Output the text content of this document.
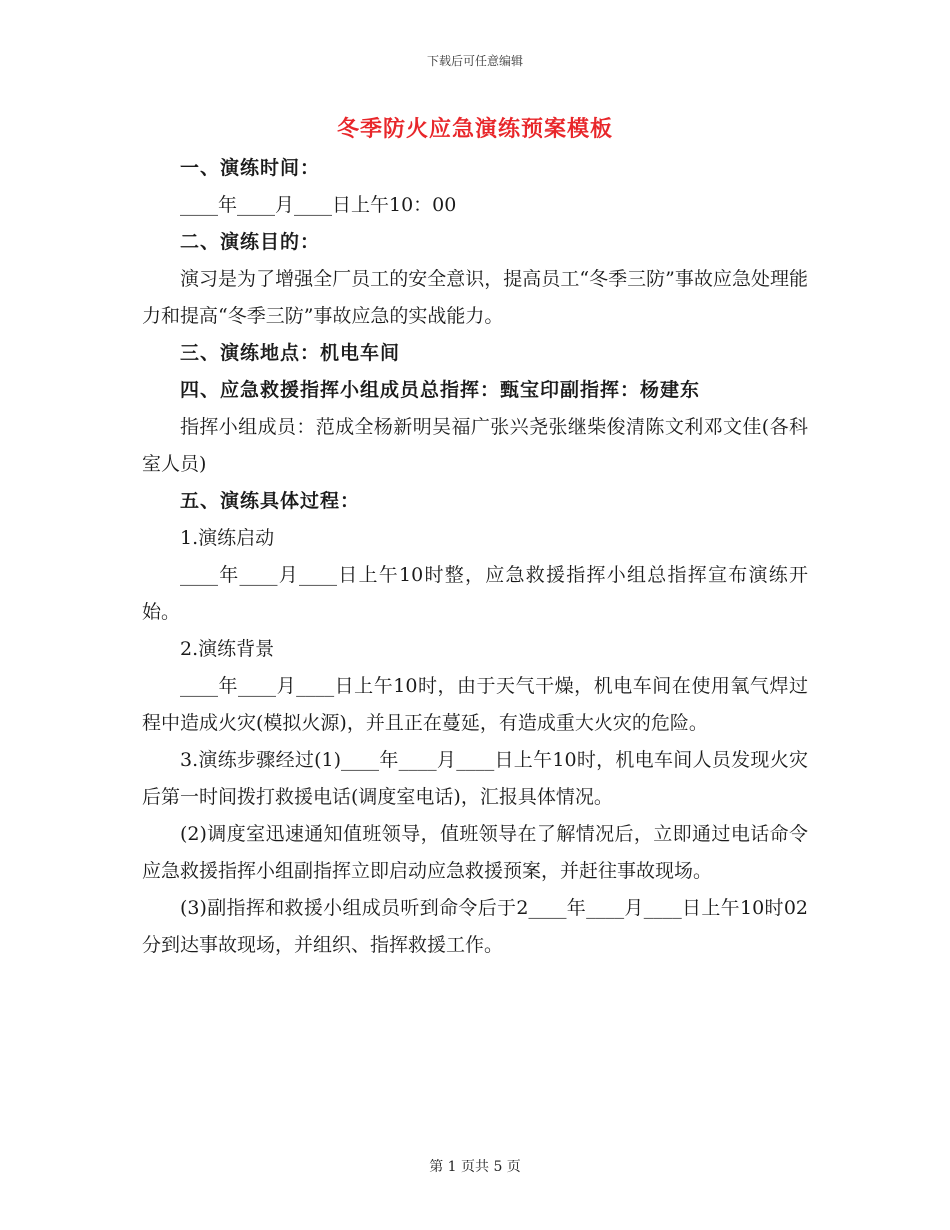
下载后可任意编辑
冬季防火应急演练预案模板

一、演练时间：

____年____月____日上午10：00

二、演练目的：

演习是为了增强全厂员工的安全意识，提高员工“冬季三防”事故应急处理能力和提高“冬季三防”事故应急的实战能力。

三、演练地点：机电车间

四、应急救援指挥小组成员总指挥：甄宝印副指挥：杨建东

指挥小组成员：范成全杨新明吴福广张兴尧张继柴俊清陈文利邓文佳(各科室人员)

五、演练具体过程：

1.演练启动

____年____月____日上午10时整，应急救援指挥小组总指挥宣布演练开始。

2.演练背景

____年____月____日上午10时，由于天气干燥，机电车间在使用氧气焊过程中造成火灾(模拟火源)，并且正在蔓延，有造成重大火灾的危险。

3.演练步骤经过(1)____年____月____日上午10时，机电车间人员发现火灾后第一时间拨打救援电话(调度室电话)，汇报具体情况。

(2)调度室迅速通知值班领导，值班领导在了解情况后，立即通过电话命令应急救援指挥小组副指挥立即启动应急救援预案，并赶往事故现场。

(3)副指挥和救援小组成员听到命令后于2____年____月____日上午10时02分到达事故现场，并组织、指挥救援工作。

第 1 页共 5 页
